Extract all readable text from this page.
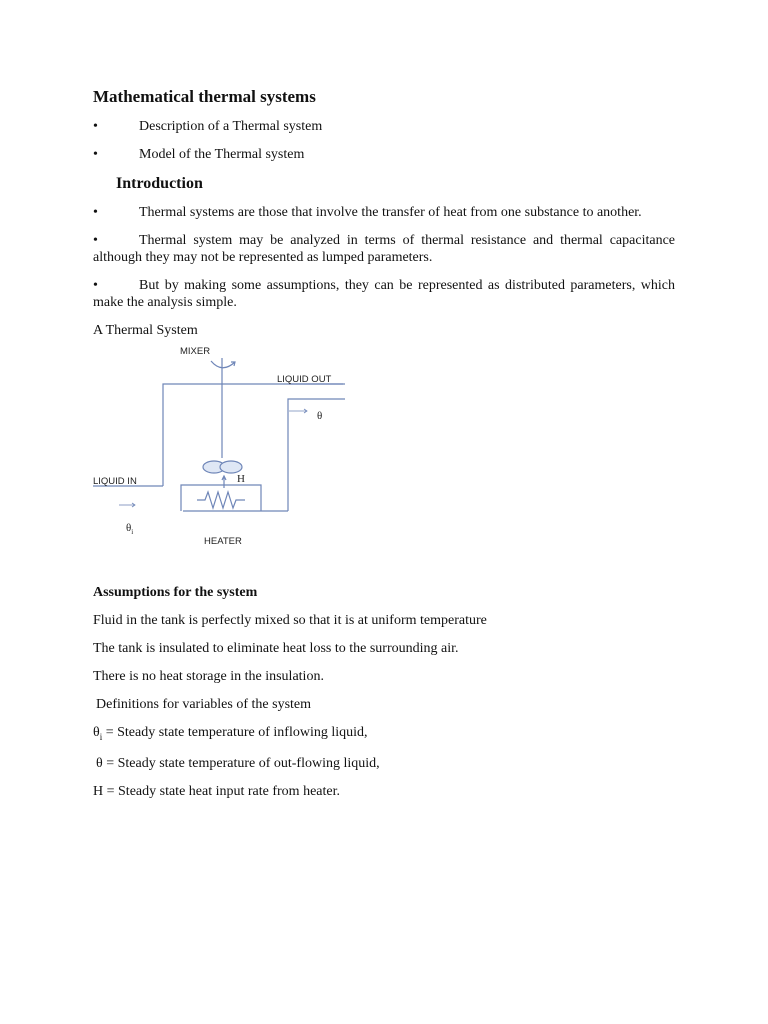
Mathematical thermal systems
•	Description of a Thermal system
•	Model of the Thermal system
Introduction
•	Thermal systems are those that involve the transfer of heat from one substance to another.
•	Thermal system may be analyzed in terms of thermal resistance and thermal capacitance although they may not be represented as lumped parameters.
•	But by making some assumptions, they can be represented as distributed parameters, which make the analysis simple.
A Thermal System
MIXER
LIQUID OUT
θ
LIQUID IN	H
$\theta_i$
HEATER
Assumptions for the system
Fluid in the tank is perfectly mixed so that it is at uniform temperature
The tank is insulated to eliminate heat loss to the surrounding air.
There is no heat storage in the insulation.
Definitions for variables of the system
$\theta_i$ = Steady state temperature of inflowing liquid,
θ = Steady state temperature of out-flowing liquid,
H = Steady state heat input rate from heater.
